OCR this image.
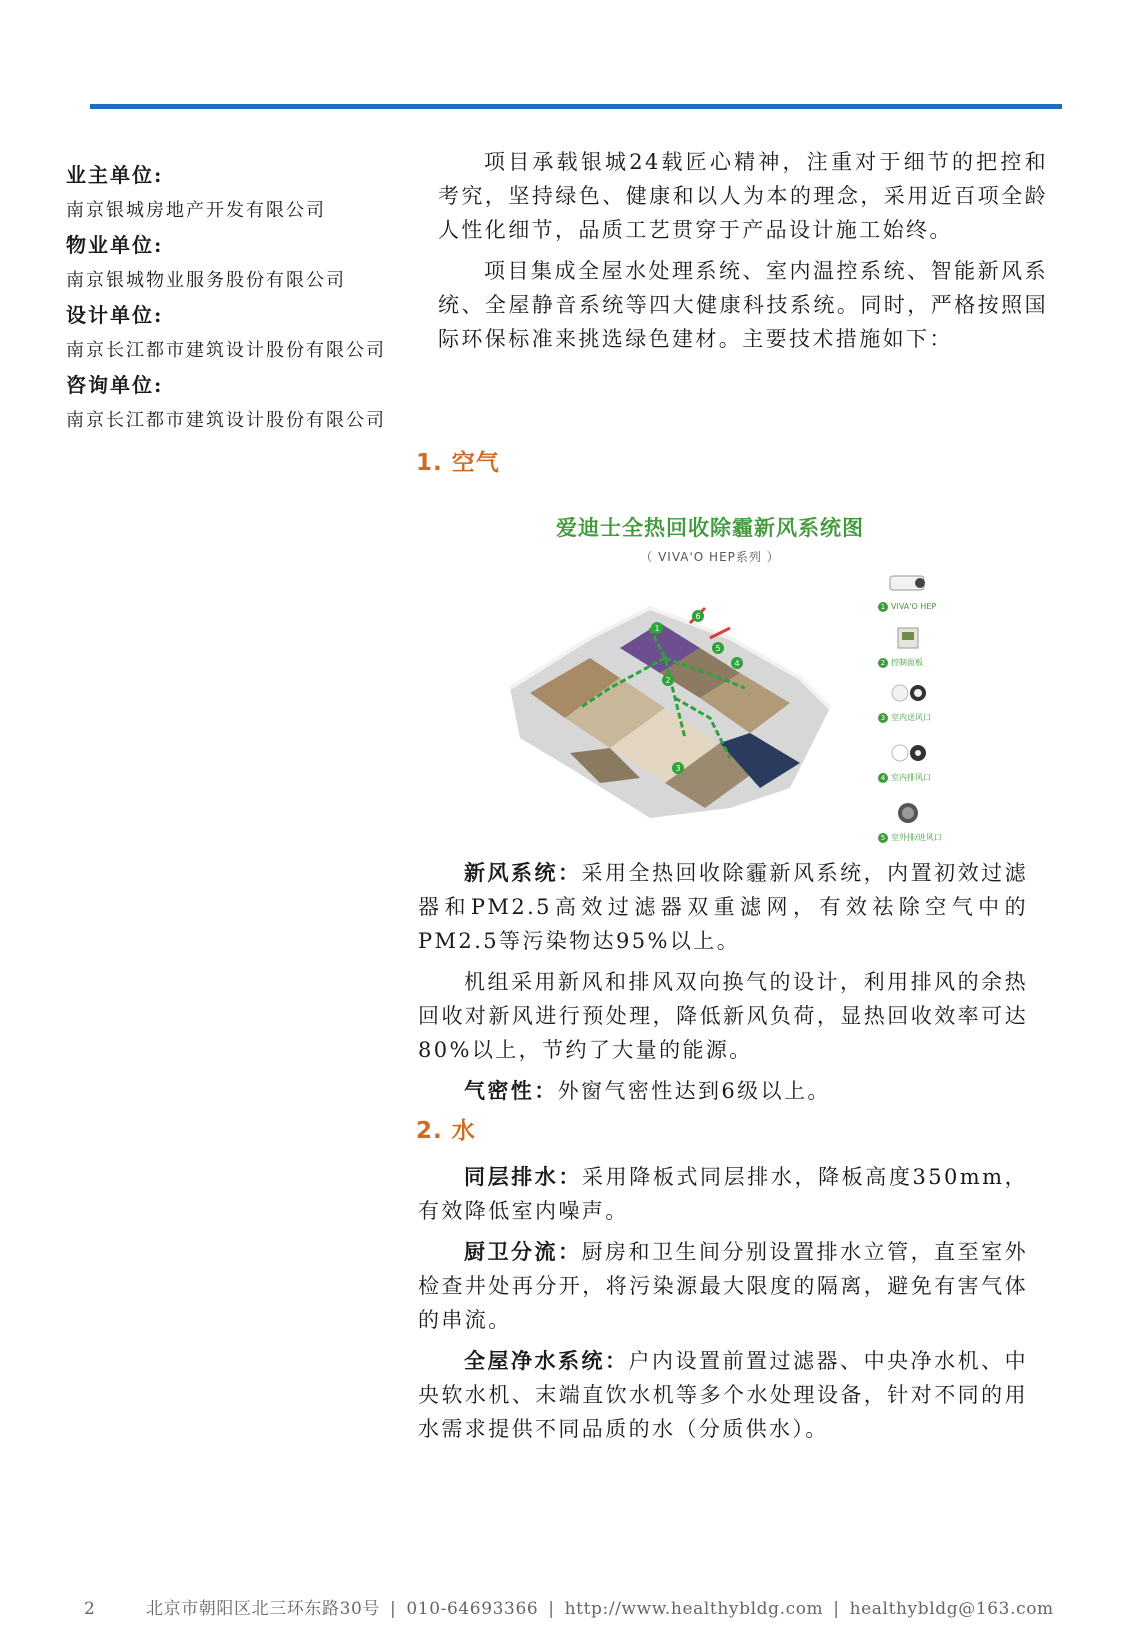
业主单位:
南京银城房地产开发有限公司
物业单位:
南京银城物业服务股份有限公司
设计单位:
南京长江都市建筑设计股份有限公司
咨询单位:
南京长江都市建筑设计股份有限公司

项目承载银城24载匠心精神，注重对于细节的把控和考究，坚持绿色、健康和以人为本的理念，采用近百项全龄人性化细节，品质工艺贯穿于产品设计施工始终。

项目集成全屋水处理系统、室内温控系统、智能新风系统、全屋静音系统等四大健康科技系统。同时，严格按照国际环保标准来挑选绿色建材。主要技术措施如下：

1. 空气
爱迪士全热回收除霾新风系统图
（ VIVA'O HEP系列 ）
1
2
3
4
5
6
1 VIVA'O HEP
2 控制面板
3 室内送风口
4 室内排风口
5 室外排/进风口

新风系统：采用全热回收除霾新风系统，内置初效过滤器和PM2.5高效过滤器双重滤网，有效祛除空气中的PM2.5等污染物达95%以上。

机组采用新风和排风双向换气的设计，利用排风的余热回收对新风进行预处理，降低新风负荷，显热回收效率可达80%以上，节约了大量的能源。

气密性：外窗气密性达到6级以上。

2. 水

同层排水：采用降板式同层排水，降板高度350mm，有效降低室内噪声。

厨卫分流：厨房和卫生间分别设置排水立管，直至室外检查井处再分开，将污染源最大限度的隔离，避免有害气体的串流。

全屋净水系统：户内设置前置过滤器、中央净水机、中央软水机、末端直饮水机等多个水处理设备，针对不同的用水需求提供不同品质的水（分质供水）。

2	北京市朝阳区北三环东路30号 | 010-64693366 | http://www.healthybldg.com | healthybldg@163.com
